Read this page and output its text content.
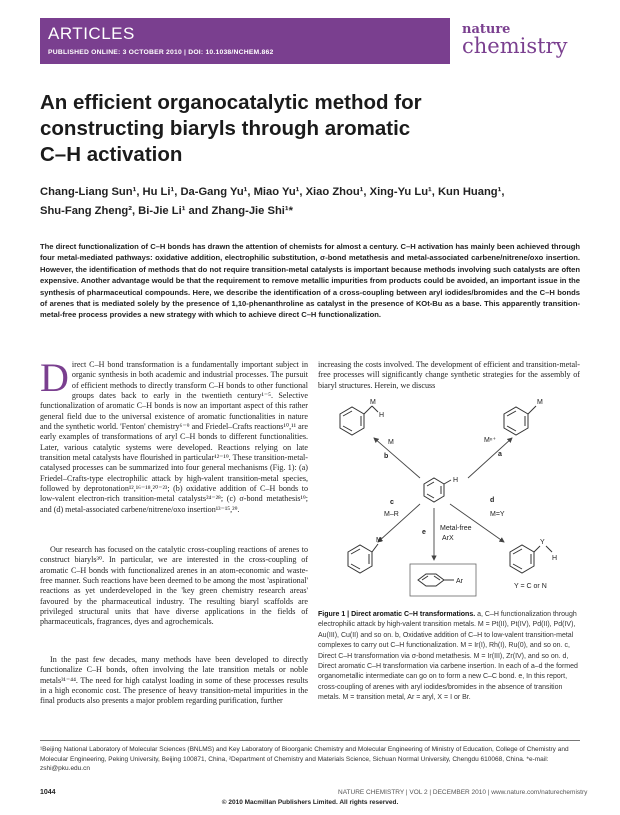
ARTICLES
PUBLISHED ONLINE: 3 OCTOBER 2010 | DOI: 10.1038/NCHEM.862
nature
chemistry
An efficient organocatalytic method for
constructing biaryls through aromatic
C–H activation
Chang-Liang Sun¹, Hu Li¹, Da-Gang Yu¹, Miao Yu¹, Xiao Zhou¹, Xing-Yu Lu¹, Kun Huang¹,
Shu-Fang Zheng², Bi-Jie Li¹ and Zhang-Jie Shi¹*
The direct functionalization of C–H bonds has drawn the attention of chemists for almost a century. C–H activation has mainly been achieved through four metal-mediated pathways: oxidative addition, electrophilic substitution, σ-bond metathesis and metal-associated carbene/nitrene/oxo insertion. However, the identification of methods that do not require transition-metal catalysts is important because methods involving such catalysts are often expensive. Another advantage would be that the requirement to remove metallic impurities from products could be avoided, an important issue in the synthesis of pharmaceutical compounds. Here, we describe the identification of a cross-coupling between aryl iodides/bromides and the C–H bonds of arenes that is mediated solely by the presence of 1,10-phenanthroline as catalyst in the presence of KOt-Bu as a base. This apparently transition-metal-free process provides a new strategy with which to achieve direct C–H functionalization.
Direct C–H bond transformation is a fundamentally important subject in organic synthesis in both academic and industrial processes. The pursuit of efficient methods to directly transform C–H bonds to other functional groups dates back to early in the twentieth century¹⁻⁵. Selective functionalization of aromatic C–H bonds is now an important aspect of this rather general field due to the universal existence of aromatic functionalities in nature and the synthetic world. 'Fenton' chemistry⁶⁻⁹ and Friedel–Crafts reactions¹⁰,¹¹ are early examples of transformations of aryl C–H bonds to different functionalities. Later, various catalytic systems were developed. Reactions relying on late transition metal catalysts have flourished in particular¹²⁻¹⁹. These transition-metal-catalysed processes can be summarized into four general mechanisms (Fig. 1): (a) Friedel–Crafts-type electrophilic attack by high-valent transition-metal species, followed by deprotonation¹²,¹⁶⁻¹⁸,²⁰⁻²³; (b) oxidative addition of C–H bonds to low-valent electron-rich transition-metal catalysts²⁴⁻²⁸; (c) σ-bond metathesis¹⁹; and (d) metal-associated carbene/nitrene/oxo insertion¹³⁻¹⁵,²⁹.

Our research has focused on the catalytic cross-coupling reactions of arenes to construct biaryls³⁰. In particular, we are interested in the cross-coupling of aromatic C–H bonds with functionalized arenes in an atom-economic and waste-free manner. Such reactions have been deemed to be among the most 'aspirational' reactions as yet underdeveloped in the 'key green chemistry research areas' favoured by the pharmaceutical industry. The resulting biaryl scaffolds are privileged structural units that have diverse applications in the fields of pharmaceuticals, fragrances, dyes and agrochemicals.

In the past few decades, many methods have been developed to directly functionalize C–H bonds, often involving the late transition metals or noble metals³¹⁻⁴⁴. The need for high catalyst loading in some of these processes results in a high economic cost. The presence of heavy transition-metal impurities in the final products also presents a major problem regarding purification, further

increasing the costs involved. The development of efficient and transition-metal-free processes will significantly change synthetic strategies for the assembly of biaryl structures. Herein, we discuss
M
H
M
M
b
Mⁿ⁺
a
H
c
M–R
d
M=Y
e
Metal-free
ArX
M	Y
H
Y = C or N
Ar
Figure 1 | Direct aromatic C–H transformations. a, C–H functionalization through electrophilic attack by high-valent transition metals. M = Pt(II), Pt(IV), Pd(II), Pd(IV), Au(III), Cu(II) and so on. b, Oxidative addition of C–H to low-valent transition-metal complexes to carry out C–H functionalization. M = Ir(I), Rh(I), Ru(0), and so on. c, Direct C–H transformation via σ-bond metathesis. M = Ir(III), Zr(IV), and so on. d, Direct aromatic C–H transformation via carbene insertion. In each of a–d the formed organometallic intermediate can go on to form a new C–C bond. e, In this report, cross-coupling of arenes with aryl iodides/bromides in the absence of transition metals. M = transition metal, Ar = aryl, X = I or Br.
¹Beijing National Laboratory of Molecular Sciences (BNLMS) and Key Laboratory of Bioorganic Chemistry and Molecular Engineering of Ministry of Education, College of Chemistry and Molecular Engineering, Peking University, Beijing 100871, China, ²Department of Chemistry and Materials Science, Sichuan Normal University, Chengdu 610068, China. *e-mail: zshi@pku.edu.cn
1044	NATURE CHEMISTRY | VOL 2 | DECEMBER 2010 | www.nature.com/naturechemistry
© 2010 Macmillan Publishers Limited. All rights reserved.
